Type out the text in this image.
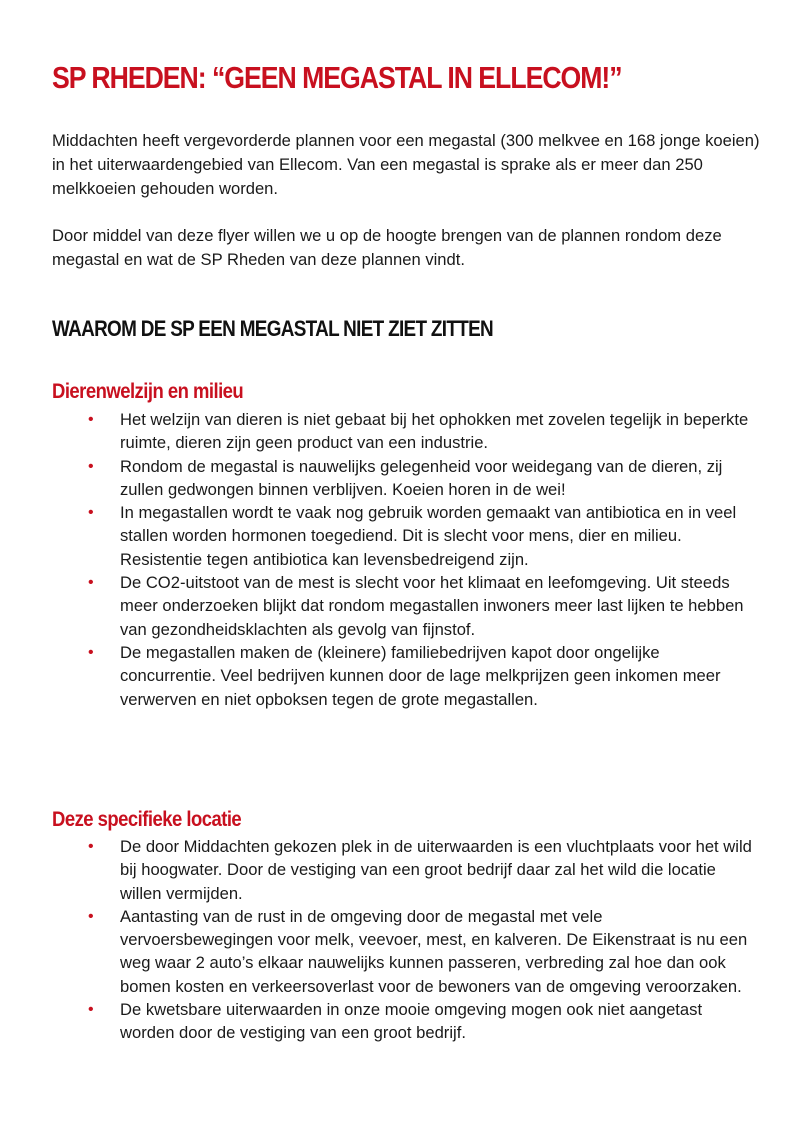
SP RHEDEN: “GEEN MEGASTAL IN ELLECOM!”

Middachten heeft vergevorderde plannen voor een megastal (300 melkvee en 168 jonge koeien) in het uiterwaardengebied van Ellecom. Van een megastal is sprake als er meer dan 250 melkkoeien gehouden worden.

Door middel van deze flyer willen we u op de hoogte brengen van de plannen rondom deze megastal en wat de SP Rheden van deze plannen vindt.

WAAROM DE SP EEN MEGASTAL NIET ZIET ZITTEN
Dierenwelzijn en milieu
• Het welzijn van dieren is niet gebaat bij het ophokken met zovelen tegelijk in beperkte ruimte, dieren zijn geen product van een industrie.
• Rondom de megastal is nauwelijks gelegenheid voor weidegang van de dieren, zij zullen gedwongen binnen verblijven. Koeien horen in de wei!
• In megastallen wordt te vaak nog gebruik worden gemaakt van antibiotica en in veel stallen worden hormonen toegediend. Dit is slecht voor mens, dier en milieu. Resistentie tegen antibiotica kan levensbedreigend zijn.
• De CO2-uitstoot van de mest is slecht voor het klimaat en leefomgeving. Uit steeds meer onderzoeken blijkt dat rondom megastallen inwoners meer last lijken te hebben van gezondheidsklachten als gevolg van fijnstof.
• De megastallen maken de (kleinere) familiebedrijven kapot door ongelijke concurrentie. Veel bedrijven kunnen door de lage melkprijzen geen inkomen meer verwerven en niet opboksen tegen de grote megastallen.
Deze specifieke locatie
• De door Middachten gekozen plek in de uiterwaarden is een vluchtplaats voor het wild bij hoogwater. Door de vestiging van een groot bedrijf daar zal het wild die locatie willen vermijden.
• Aantasting van de rust in de omgeving door de megastal met vele vervoersbewegingen voor melk, veevoer, mest, en kalveren. De Eikenstraat is nu een weg waar 2 auto’s elkaar nauwelijks kunnen passeren, verbreding zal hoe dan ook bomen kosten en verkeersoverlast voor de bewoners van de omgeving veroorzaken.
• De kwetsbare uiterwaarden in onze mooie omgeving mogen ook niet aangetast worden door de vestiging van een groot bedrijf.
